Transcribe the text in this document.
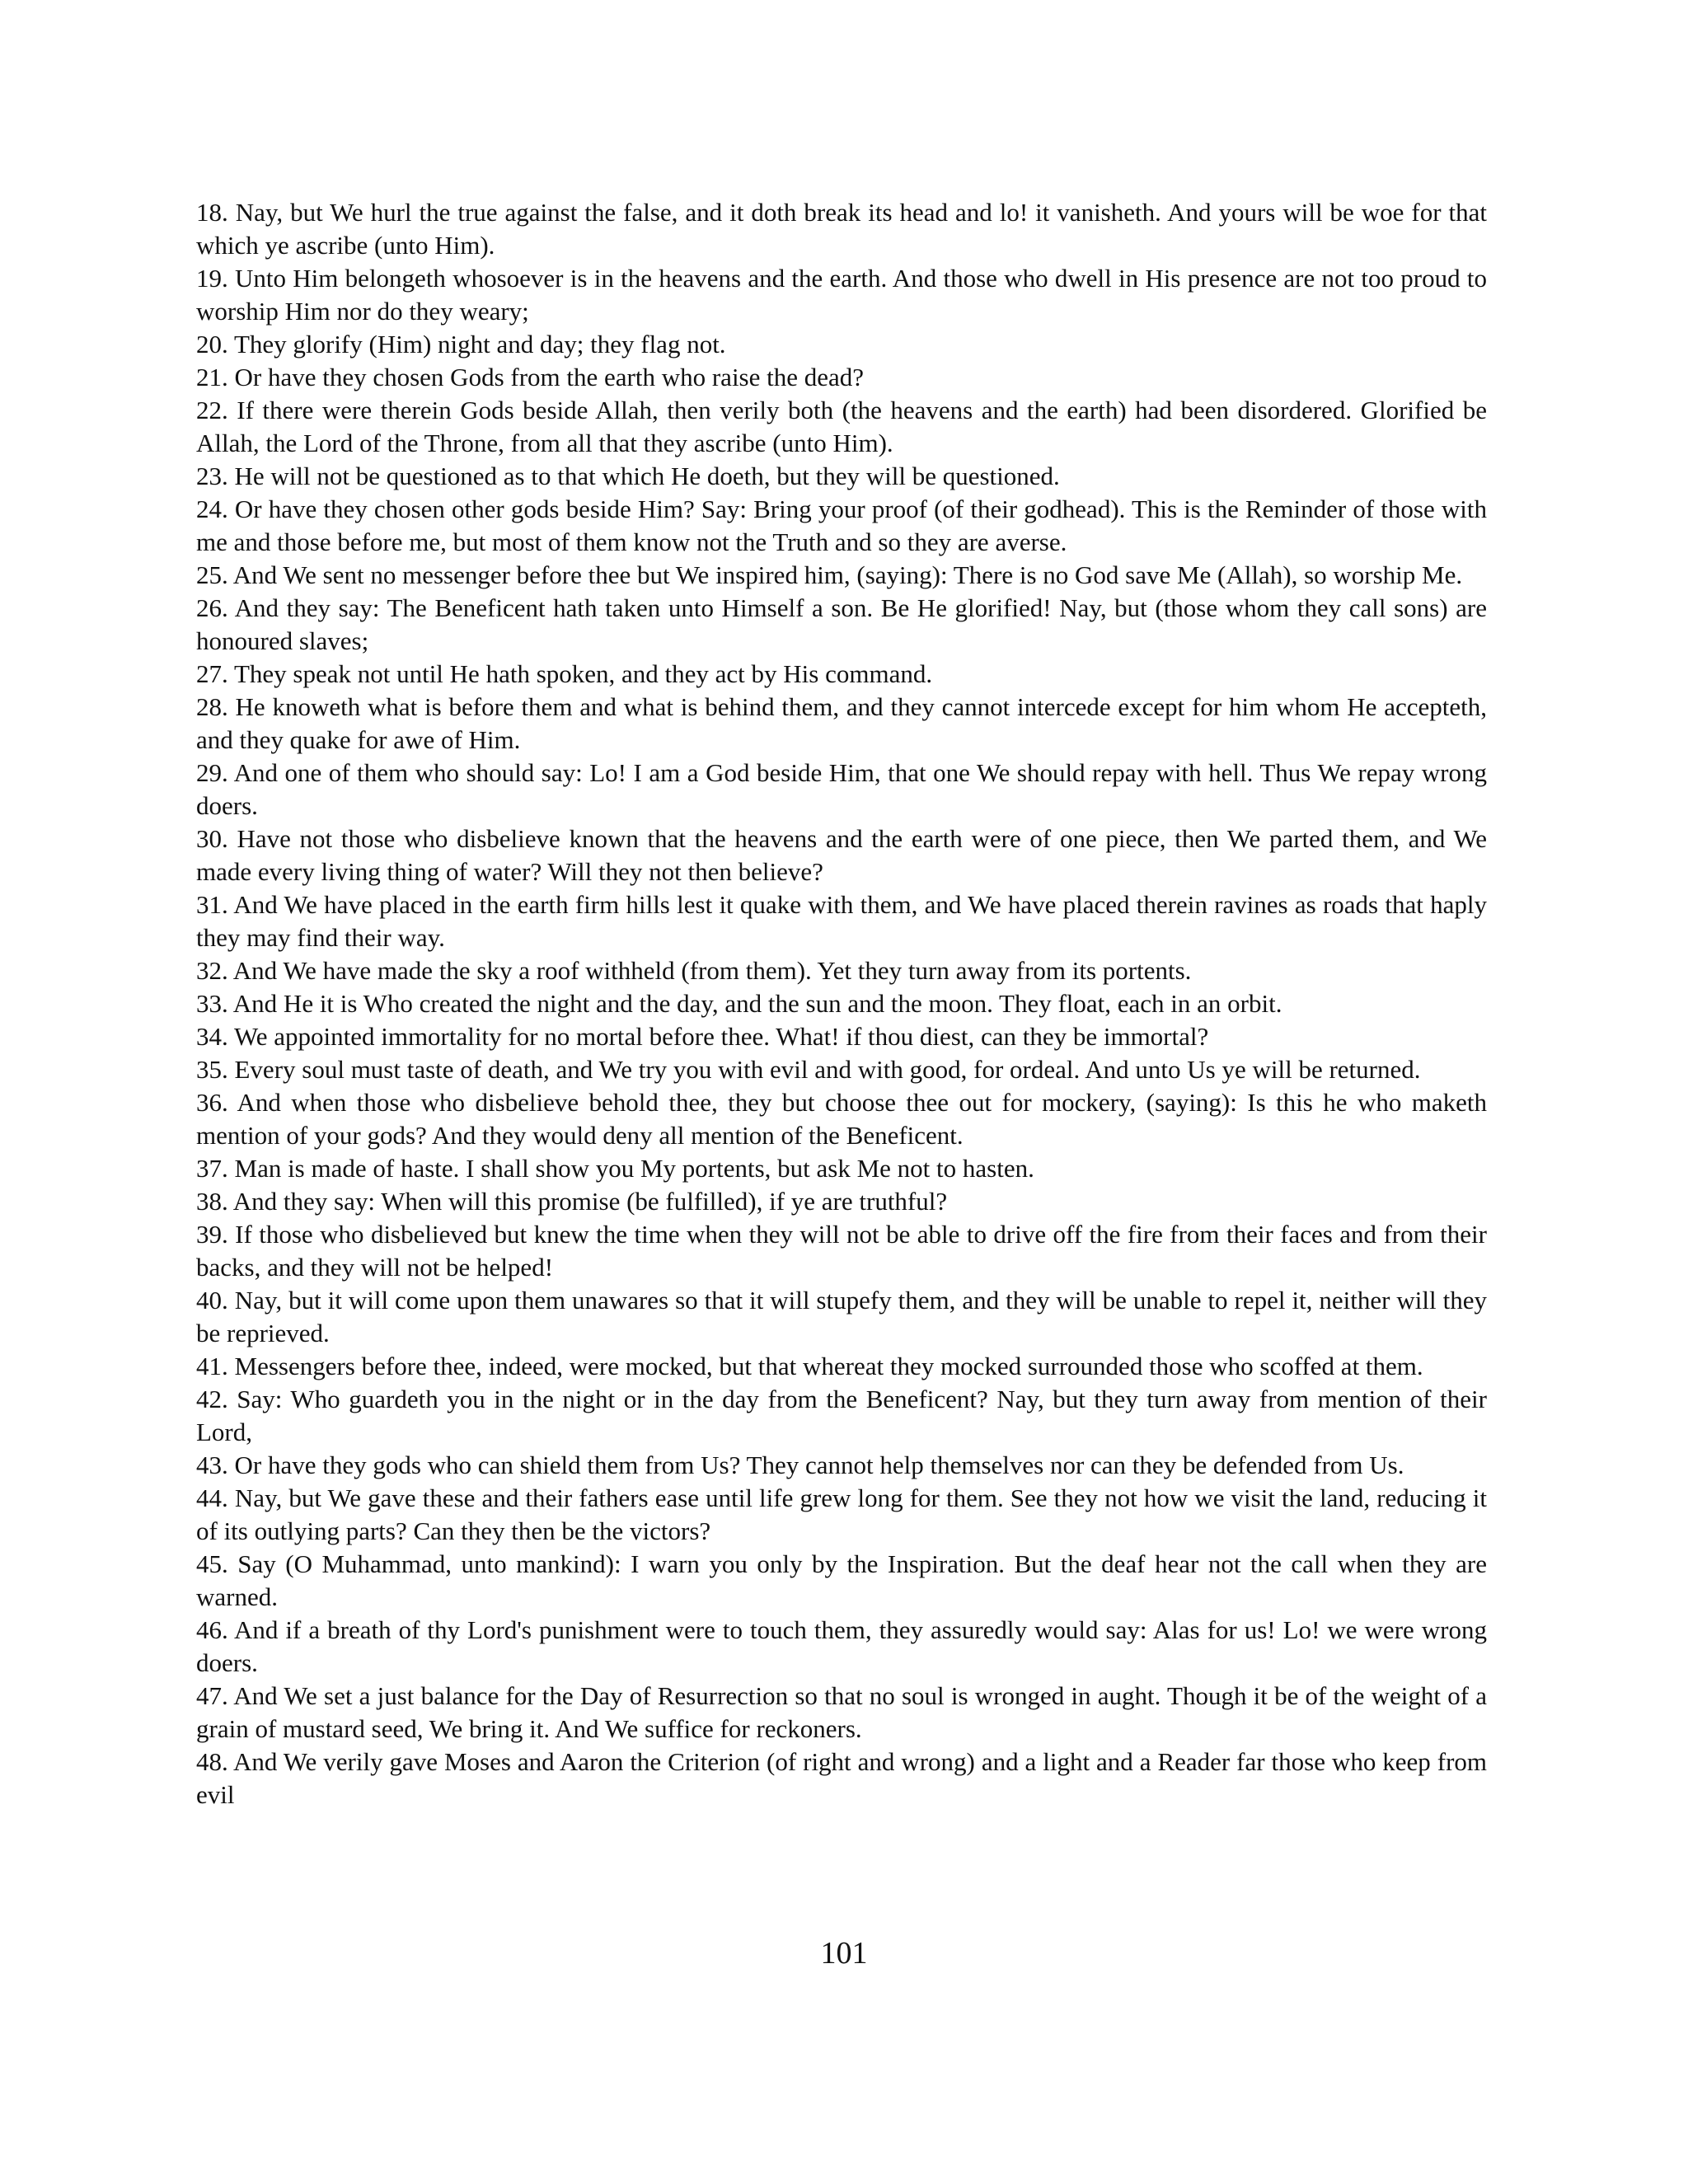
18. Nay, but We hurl the true against the false, and it doth break its head and lo! it vanisheth. And yours will be woe for that which ye ascribe (unto Him).

19. Unto Him belongeth whosoever is in the heavens and the earth. And those who dwell in His presence are not too proud to worship Him nor do they weary;

20. They glorify (Him) night and day; they flag not.

21. Or have they chosen Gods from the earth who raise the dead?

22. If there were therein Gods beside Allah, then verily both (the heavens and the earth) had been disordered. Glorified be Allah, the Lord of the Throne, from all that they ascribe (unto Him).

23. He will not be questioned as to that which He doeth, but they will be questioned.

24. Or have they chosen other gods beside Him? Say: Bring your proof (of their godhead). This is the Reminder of those with me and those before me, but most of them know not the Truth and so they are averse.

25. And We sent no messenger before thee but We inspired him, (saying): There is no God save Me (Allah), so worship Me.

26. And they say: The Beneficent hath taken unto Himself a son. Be He glorified! Nay, but (those whom they call sons) are honoured slaves;

27. They speak not until He hath spoken, and they act by His command.

28. He knoweth what is before them and what is behind them, and they cannot intercede except for him whom He accepteth, and they quake for awe of Him.

29. And one of them who should say: Lo! I am a God beside Him, that one We should repay with hell. Thus We repay wrong doers.

30. Have not those who disbelieve known that the heavens and the earth were of one piece, then We parted them, and We made every living thing of water? Will they not then believe?

31. And We have placed in the earth firm hills lest it quake with them, and We have placed therein ravines as roads that haply they may find their way.

32. And We have made the sky a roof withheld (from them). Yet they turn away from its portents.

33. And He it is Who created the night and the day, and the sun and the moon. They float, each in an orbit.

34. We appointed immortality for no mortal before thee. What! if thou diest, can they be immortal?

35. Every soul must taste of death, and We try you with evil and with good, for ordeal. And unto Us ye will be returned.

36. And when those who disbelieve behold thee, they but choose thee out for mockery, (saying): Is this he who maketh mention of your gods? And they would deny all mention of the Beneficent.

37. Man is made of haste. I shall show you My portents, but ask Me not to hasten.

38. And they say: When will this promise (be fulfilled), if ye are truthful?

39. If those who disbelieved but knew the time when they will not be able to drive off the fire from their faces and from their backs, and they will not be helped!

40. Nay, but it will come upon them unawares so that it will stupefy them, and they will be unable to repel it, neither will they be reprieved.

41. Messengers before thee, indeed, were mocked, but that whereat they mocked surrounded those who scoffed at them.

42. Say: Who guardeth you in the night or in the day from the Beneficent? Nay, but they turn away from mention of their Lord,

43. Or have they gods who can shield them from Us? They cannot help themselves nor can they be defended from Us.

44. Nay, but We gave these and their fathers ease until life grew long for them. See they not how we visit the land, reducing it of its outlying parts? Can they then be the victors?

45. Say (O Muhammad, unto mankind): I warn you only by the Inspiration. But the deaf hear not the call when they are warned.

46. And if a breath of thy Lord's punishment were to touch them, they assuredly would say: Alas for us! Lo! we were wrong doers.

47. And We set a just balance for the Day of Resurrection so that no soul is wronged in aught. Though it be of the weight of a grain of mustard seed, We bring it. And We suffice for reckoners.

48. And We verily gave Moses and Aaron the Criterion (of right and wrong) and a light and a Reader far those who keep from evil

101
